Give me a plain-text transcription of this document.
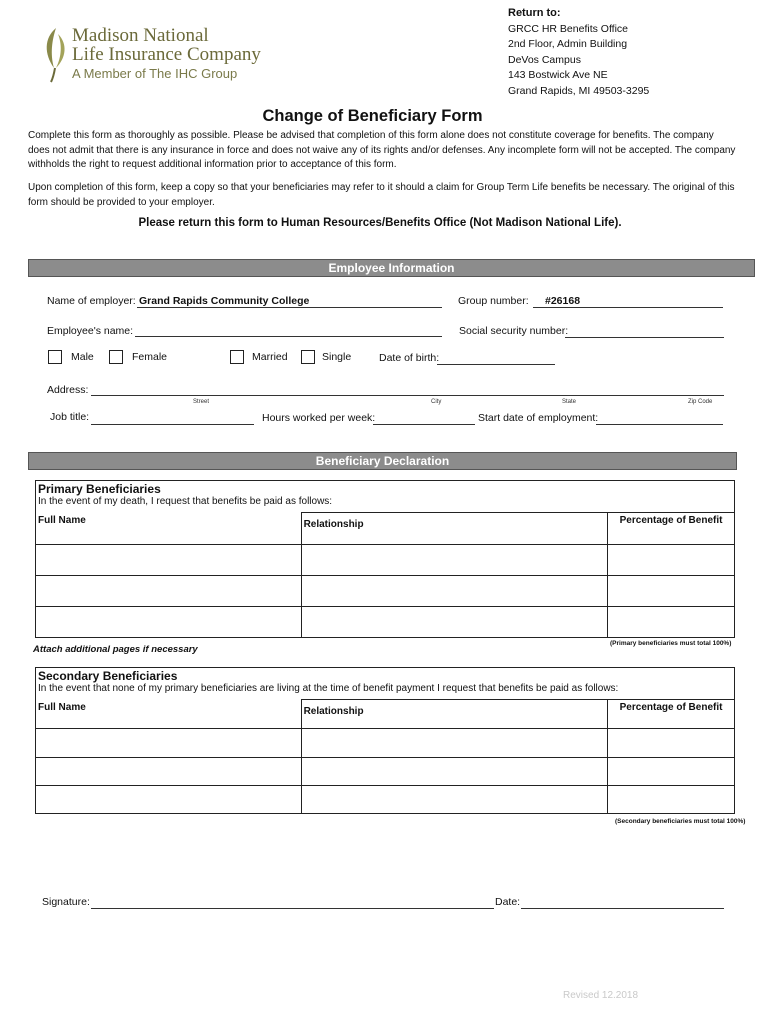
Madison National
Life Insurance Company
A Member of The IHC Group
Return to:
GRCC HR Benefits Office
2nd Floor, Admin Building
DeVos Campus
143 Bostwick Ave NE
Grand Rapids, MI 49503-3295
Change of Beneficiary Form
Complete this form as thoroughly as possible. Please be advised that completion of this form alone does not constitute coverage for benefits. The company does not admit that there is any insurance in force and does not waive any of its rights and/or defenses. Any incomplete form will not be accepted. The company withholds the right to request additional information prior to acceptance of this form.
Upon completion of this form, keep a copy so that your beneficiaries may refer to it should a claim for Group Term Life benefits be necessary. The original of this form should be provided to your employer.
Please return this form to Human Resources/Benefits Office (Not Madison National Life).
Employee Information
Name of employer: Grand Rapids Community College	Group number: #26168
Employee's name:	Social security number:
Male	Female	Married	Single	Date of birth:
Address:
Street	City	State	Zip Code
Job title:	Hours worked per week:	Start date of employment:
Beneficiary Declaration
Primary Beneficiaries
In the event of my death, I request that benefits be paid as follows:		

Full Name	Relationship	Percentage of Benefit

(Primary beneficiaries must total 100%)
Attach additional pages if necessary
Secondary Beneficiaries
In the event that none of my primary beneficiaries are living at the time of benefit payment I request that benefits be paid as follows:		

Full Name	Relationship	Percentage of Benefit

(Secondary beneficiaries must total 100%)
Signature:	Date:
Revised 12.2018
